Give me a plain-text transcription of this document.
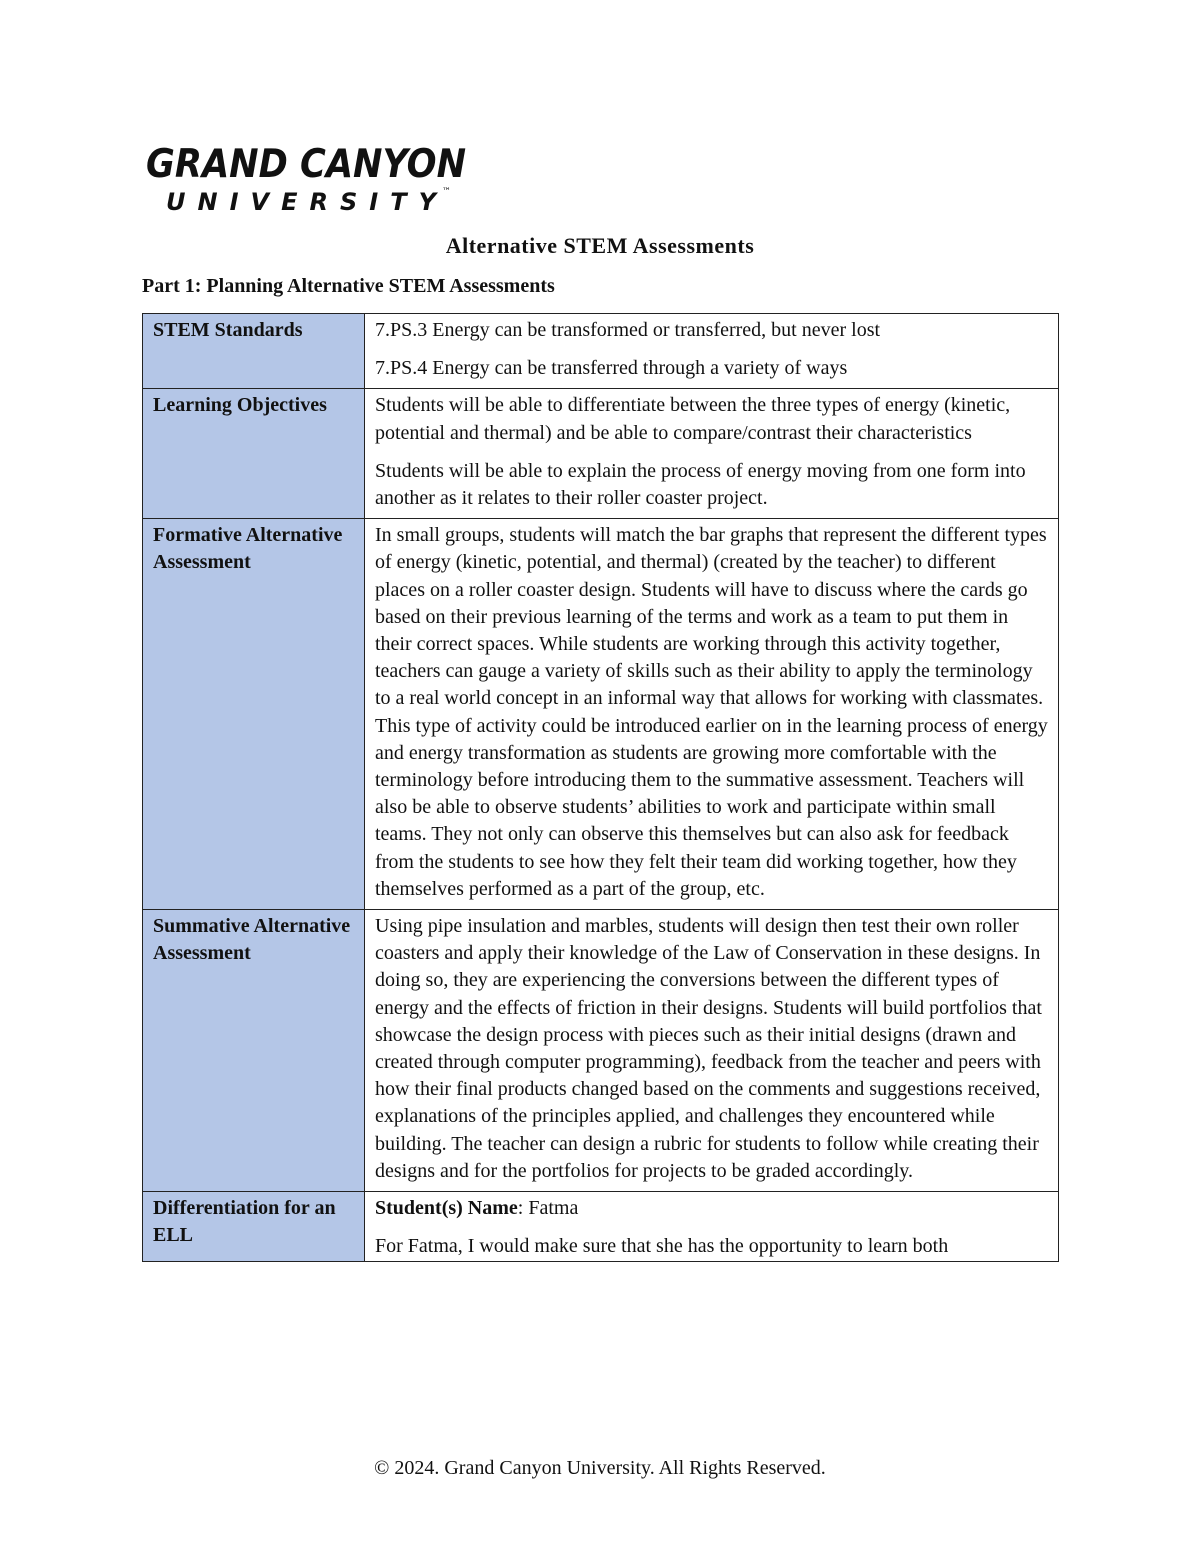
GRAND CANYON
UNIVERSITY ™
Alternative STEM Assessments
Part 1: Planning Alternative STEM Assessments
STEM Standards	7.PS.3 Energy can be transformed or transferred, but never lost

7.PS.4 Energy can be transferred through a variety of ways

Learning Objectives	Students will be able to differentiate between the three types of energy (kinetic, potential and thermal) and be able to compare/contrast their characteristics

Students will be able to explain the process of energy moving from one form into another as it relates to their roller coaster project.

Formative Alternative Assessment	In small groups, students will match the bar graphs that represent the different types of energy (kinetic, potential, and thermal) (created by the teacher) to different places on a roller coaster design. Students will have to discuss where the cards go based on their previous learning of the terms and work as a team to put them in their correct spaces. While students are working through this activity together, teachers can gauge a variety of skills such as their ability to apply the terminology to a real world concept in an informal way that allows for working with classmates. This type of activity could be introduced earlier on in the learning process of energy and energy transformation as students are growing more comfortable with the terminology before introducing them to the summative assessment. Teachers will also be able to observe students’ abilities to work and participate within small teams. They not only can observe this themselves but can also ask for feedback from the students to see how they felt their team did working together, how they themselves performed as a part of the group, etc.

Summative Alternative Assessment	Using pipe insulation and marbles, students will design then test their own roller coasters and apply their knowledge of the Law of Conservation in these designs. In doing so, they are experiencing the conversions between the different types of energy and the effects of friction in their designs. Students will build portfolios that showcase the design process with pieces such as their initial designs (drawn and created through computer programming), feedback from the teacher and peers with how their final products changed based on the comments and suggestions received, explanations of the principles applied, and challenges they encountered while building. The teacher can design a rubric for students to follow while creating their designs and for the portfolios for projects to be graded accordingly.

Differentiation for an ELL	Student(s) Name: Fatma

For Fatma, I would make sure that she has the opportunity to learn both

© 2024. Grand Canyon University. All Rights Reserved.
